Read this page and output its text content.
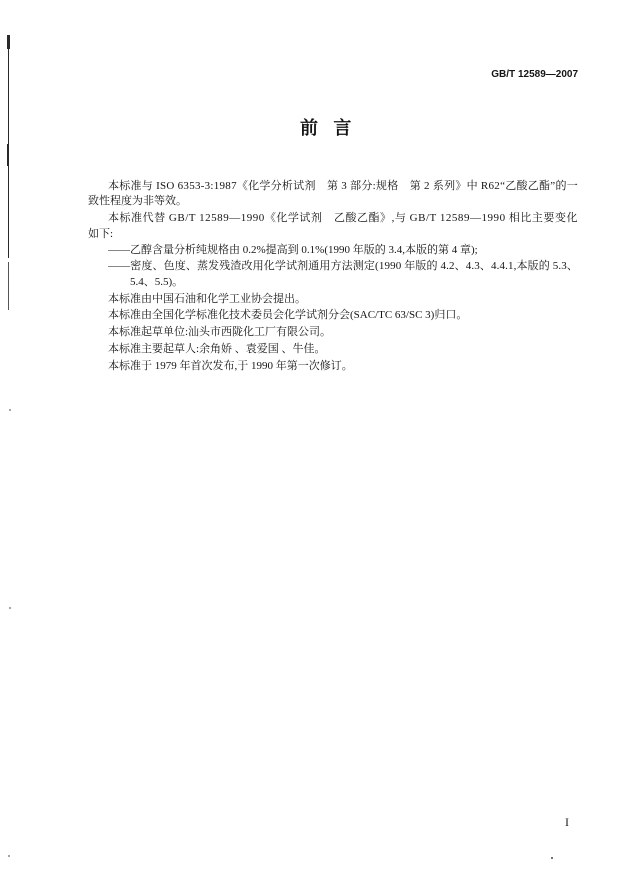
GB/T 12589—2007
前 言
本标准与 ISO 6353-3:1987《化学分析试剂　第 3 部分:规格　第 2 系列》中 R62“乙酸乙酯”的一
致性程度为非等效。
本标准代替 GB/T 12589—1990《化学试剂　乙酸乙酯》,与 GB/T 12589—1990 相比主要变化
如下:
——乙醇含量分析纯规格由 0.2%提高到 0.1%(1990 年版的 3.4,本版的第 4 章);
——密度、色度、蒸发残渣改用化学试剂通用方法测定(1990 年版的 4.2、4.3、4.4.1,本版的 5.3、
5.4、5.5)。
本标准由中国石油和化学工业协会提出。
本标准由全国化学标准化技术委员会化学试剂分会(SAC/TC 63/SC 3)归口。
本标准起草单位:汕头市西陇化工厂有限公司。
本标准主要起草人:余角娇 、袁爱国 、牛佳。
本标准于 1979 年首次发布,于 1990 年第一次修订。
I
